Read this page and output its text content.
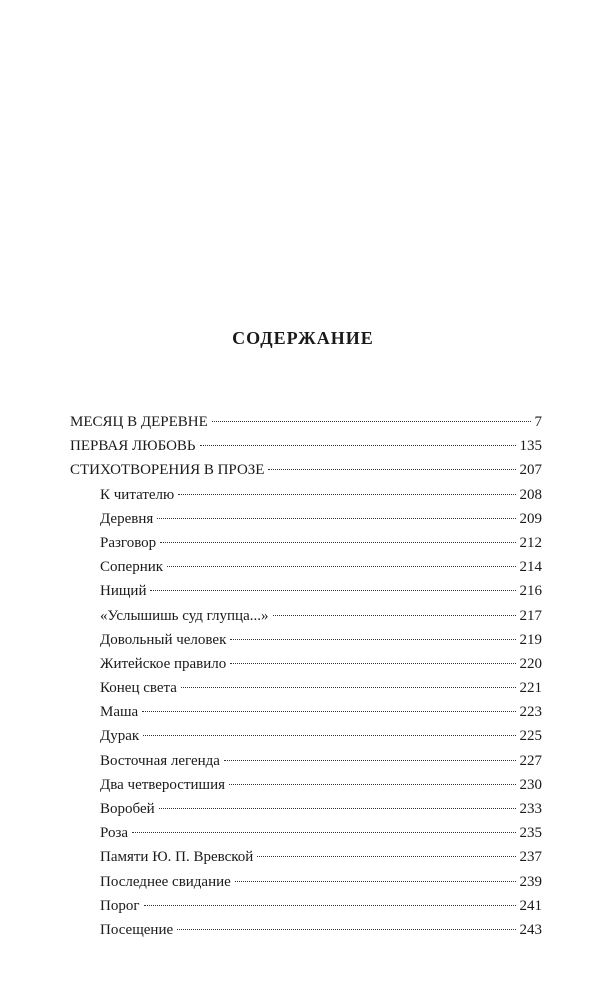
СОДЕРЖАНИЕ
МЕСЯЦ В ДЕРЕВНЕ	7
ПЕРВАЯ ЛЮБОВЬ	135
СТИХОТВОРЕНИЯ В ПРОЗЕ	207
К читателю	208
Деревня	209
Разговор	212
Соперник	214
Нищий	216
«Услышишь суд глупца...»	217
Довольный человек	219
Житейское правило	220
Конец света	221
Маша	223
Дурак	225
Восточная легенда	227
Два четверостишия	230
Воробей	233
Роза	235
Памяти Ю. П. Вревской	237
Последнее свидание	239
Порог	241
Посещение	243
